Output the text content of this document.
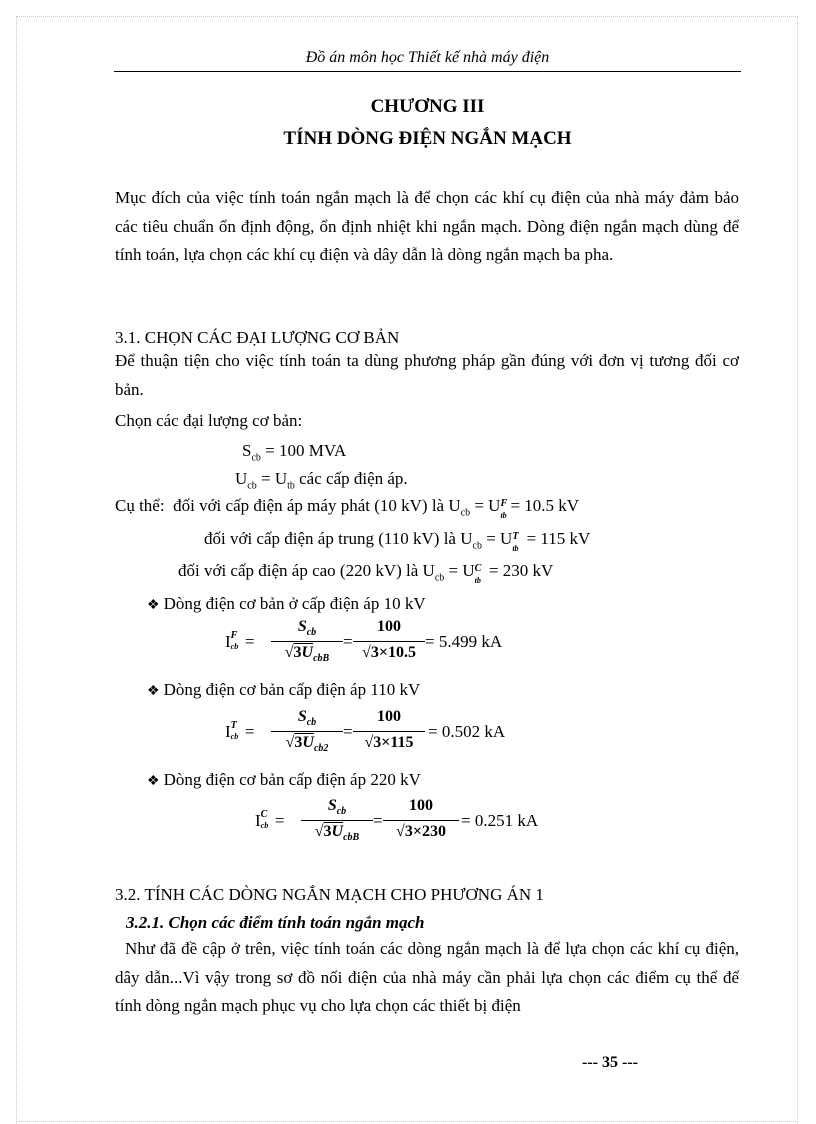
Đồ án môn học Thiết kế nhà máy điện
CHƯƠNG III
TÍNH DÒNG ĐIỆN NGẮN MẠCH
Mục đích của việc tính toán ngắn mạch là để chọn các khí cụ điện của nhà máy đảm bảo các tiêu chuẩn ổn định động, ổn định nhiệt khi ngắn mạch. Dòng điện ngắn mạch dùng để tính toán, lựa chọn các khí cụ điện và dây dẫn là dòng ngắn mạch ba pha.
3.1. CHỌN CÁC ĐẠI LƯỢNG CƠ BẢN
Để thuận tiện cho việc tính toán ta dùng phương pháp gần đúng với đơn vị tương đối cơ bản.
Chọn các đại lượng cơ bản:
$S_{cb} = 100$ MVA
$U_{cb} = U_{tb}$ các cấp điện áp.
Cụ thể: đối với cấp điện áp máy phát (10 kV) là $U_{cb} = U$ F
tb
= 10.5 kV
đối với cấp điện áp trung (110 kV) là $U_{cb} = U$ T
tb
= 115 kV
đối với cấp điện áp cao (220 kV) là $U_{cb} = U$ C
tb
= 230 kV
❖ Dòng điện cơ bản ở cấp điện áp 10 kV
I F
cb =
$S_{cb}$
$√3U_{cbB}$
=
100
√3×10.5
= 5.499 kA
❖ Dòng điện cơ bản cấp điện áp 110 kV
I T
cb =
$S_{cb}$
$√3U_{cb2}$
=
100
√3×115
= 0.502 kA
❖ Dòng điện cơ bản cấp điện áp 220 kV
I C
cb =
$S_{cb}$
$√3U_{cbB}$
=
100
√3×230
= 0.251 kA
3.2. TÍNH CÁC DÒNG NGẮN MẠCH CHO PHƯƠNG ÁN 1
3.2.1. Chọn các điểm tính toán ngắn mạch
Như đã đề cập ở trên, việc tính toán các dòng ngắn mạch là để lựa chọn các khí cụ điện, dây dẫn...Vì vậy trong sơ đồ nối điện của nhà máy cần phải lựa chọn các điểm cụ thể để tính dòng ngắn mạch phục vụ cho lựa chọn các thiết bị điện
--- 35 ---
